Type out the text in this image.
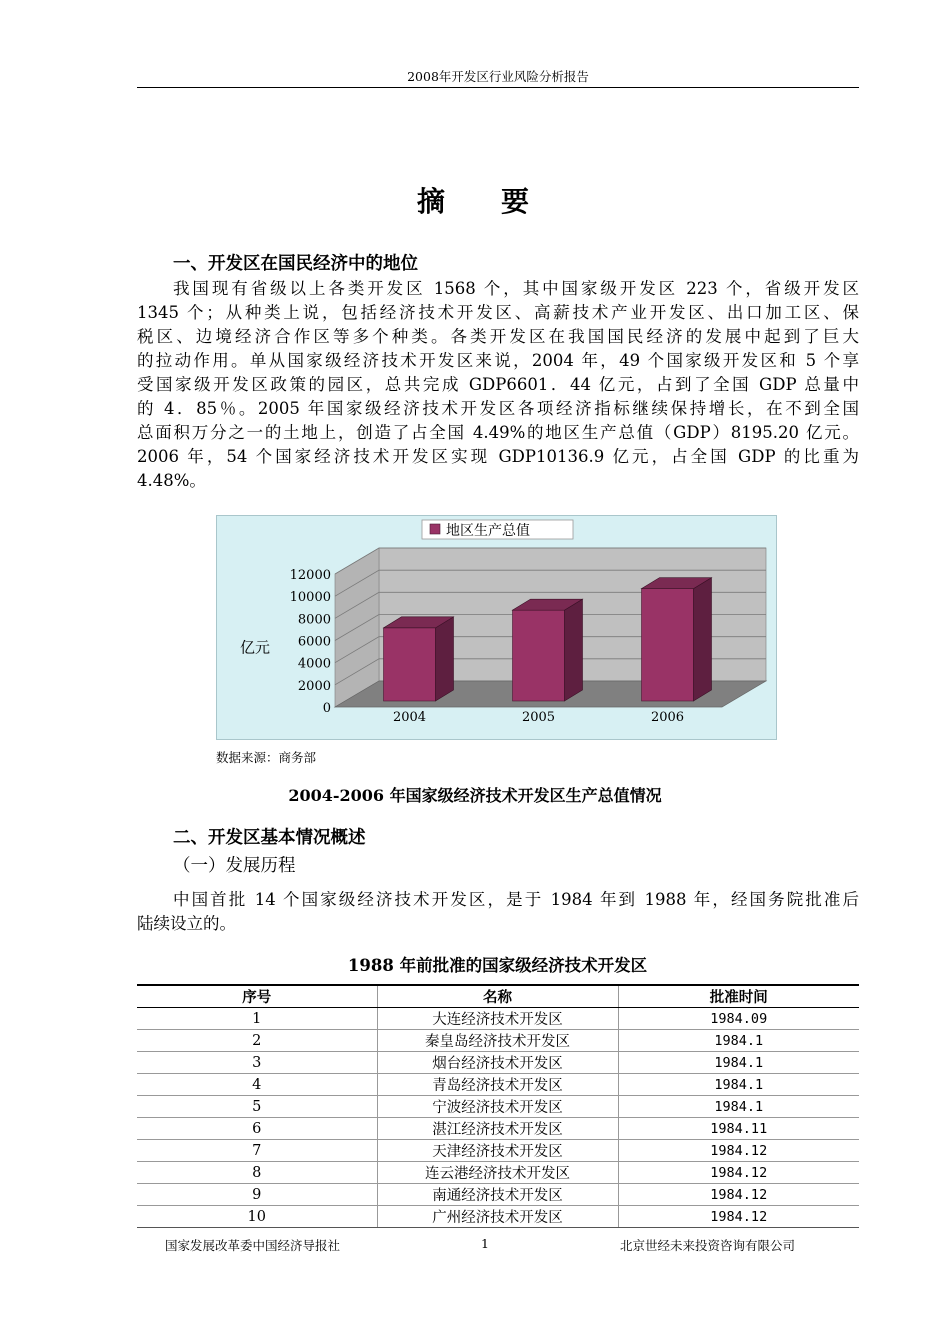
2008年开发区行业风险分析报告
摘　要
一、开发区在国民经济中的地位
我国现有省级以上各类开发区 1568 个，其中国家级开发区 223 个，省级开发区
1345 个；从种类上说，包括经济技术开发区、高薪技术产业开发区、出口加工区、保
税区、边境经济合作区等多个种类。各类开发区在我国国民经济的发展中起到了巨大
的拉动作用。单从国家级经济技术开发区来说，2004 年，49 个国家级开发区和 5 个享
受国家级开发区政策的园区，总共完成 GDP6601．44 亿元，占到了全国 GDP 总量中
的 4．85％。2005 年国家级经济技术开发区各项经济指标继续保持增长，在不到全国
总面积万分之一的土地上，创造了占全国 4.49%的地区生产总值（GDP）8195.20 亿元。
2006 年，54 个国家经济技术开发区实现 GDP10136.9 亿元，占全国 GDP 的比重为
4.48%。
0
2000
4000
6000
8000
10000
12000
亿元
2004	2005	2006
地区生产总值
数据来源：商务部
2004-2006 年国家级经济技术开发区生产总值情况
二、开发区基本情况概述
（一）发展历程
中国首批 14 个国家级经济技术开发区，是于 1984 年到 1988 年，经国务院批准后
陆续设立的。
1988 年前批准的国家级经济技术开发区
序号	名称	批准时间
1	大连经济技术开发区	1984.09
2	秦皇岛经济技术开发区	1984.1
3	烟台经济技术开发区	1984.1
4	青岛经济技术开发区	1984.1
5	宁波经济技术开发区	1984.1
6	湛江经济技术开发区	1984.11
7	天津经济技术开发区	1984.12
8	连云港经济技术开发区	1984.12
9	南通经济技术开发区	1984.12
10	广州经济技术开发区	1984.12
国家发展改革委中国经济导报社	1	北京世经未来投资咨询有限公司
